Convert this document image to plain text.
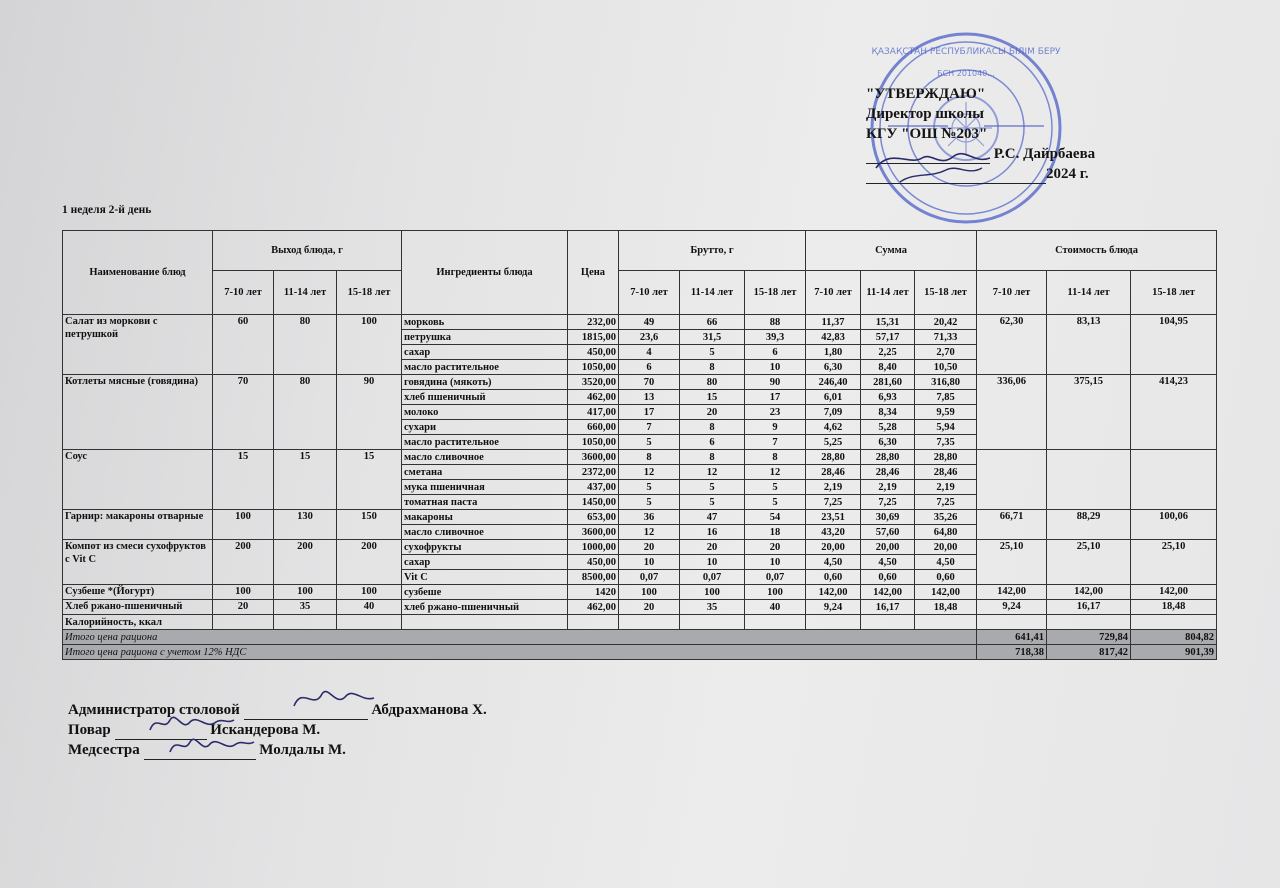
ҚАЗАҚСТАН РЕСПУБЛИКАСЫ БІЛІМ БЕРУ
БСН 201040...
"УТВЕРЖДАЮ"
Директор школы
КГУ "ОШ №203"
Р.С. Дайрбаева
2024 г.
1 неделя 2-й день
Наименование блюд	Выход блюда, г			Ингредиенты блюда	Цена	Брутто, г			Сумма			Стоимость блюда		
	7-10 лет	11-14 лет	15-18 лет			7-10 лет	11-14 лет	15-18 лет	7-10 лет	11-14 лет	15-18 лет	7-10 лет	11-14 лет	15-18 лет
Салат из моркови с петрушкой	60	80	100	морковь	232,00	49	66	88	11,37	15,31	20,42	62,30	83,13	104,95
				петрушка	1815,00	23,6	31,5	39,3	42,83	57,17	71,33			
				сахар	450,00	4	5	6	1,80	2,25	2,70			
				масло растительное	1050,00	6	8	10	6,30	8,40	10,50			
Котлеты мясные (говядина)	70	80	90	говядина (мякоть)	3520,00	70	80	90	246,40	281,60	316,80	336,06	375,15	414,23
				хлеб пшеничный	462,00	13	15	17	6,01	6,93	7,85			
				молоко	417,00	17	20	23	7,09	8,34	9,59			
				сухари	660,00	7	8	9	4,62	5,28	5,94			
				масло растительное	1050,00	5	6	7	5,25	6,30	7,35			
Соус	15	15	15	масло сливочное	3600,00	8	8	8	28,80	28,80	28,80			
				сметана	2372,00	12	12	12	28,46	28,46	28,46			
				мука пшеничная	437,00	5	5	5	2,19	2,19	2,19			
				томатная паста	1450,00	5	5	5	7,25	7,25	7,25			
Гарнир: макароны отварные	100	130	150	макароны	653,00	36	47	54	23,51	30,69	35,26	66,71	88,29	100,06
				масло сливочное	3600,00	12	16	18	43,20	57,60	64,80			
Компот из смеси сухофруктов с Vit C	200	200	200	сухофрукты	1000,00	20	20	20	20,00	20,00	20,00	25,10	25,10	25,10
				сахар	450,00	10	10	10	4,50	4,50	4,50			
				Vit C	8500,00	0,07	0,07	0,07	0,60	0,60	0,60			
Сузбеше *(Йогурт)	100	100	100	сузбеше	1420	100	100	100	142,00	142,00	142,00	142,00	142,00	142,00
Хлеб ржано-пшеничный	20	35	40	хлеб ржано-пшеничный	462,00	20	35	40	9,24	16,17	18,48	9,24	16,17	18,48
Калорийность, ккал														
Итого цена рациона												641,41	729,84	804,82
Итого цена рациона с учетом 12% НДС												718,38	817,42	901,39
Администратор столовой	Абдрахманова Х.
Повар	Искандерова М.
Медсестра	Молдалы М.
